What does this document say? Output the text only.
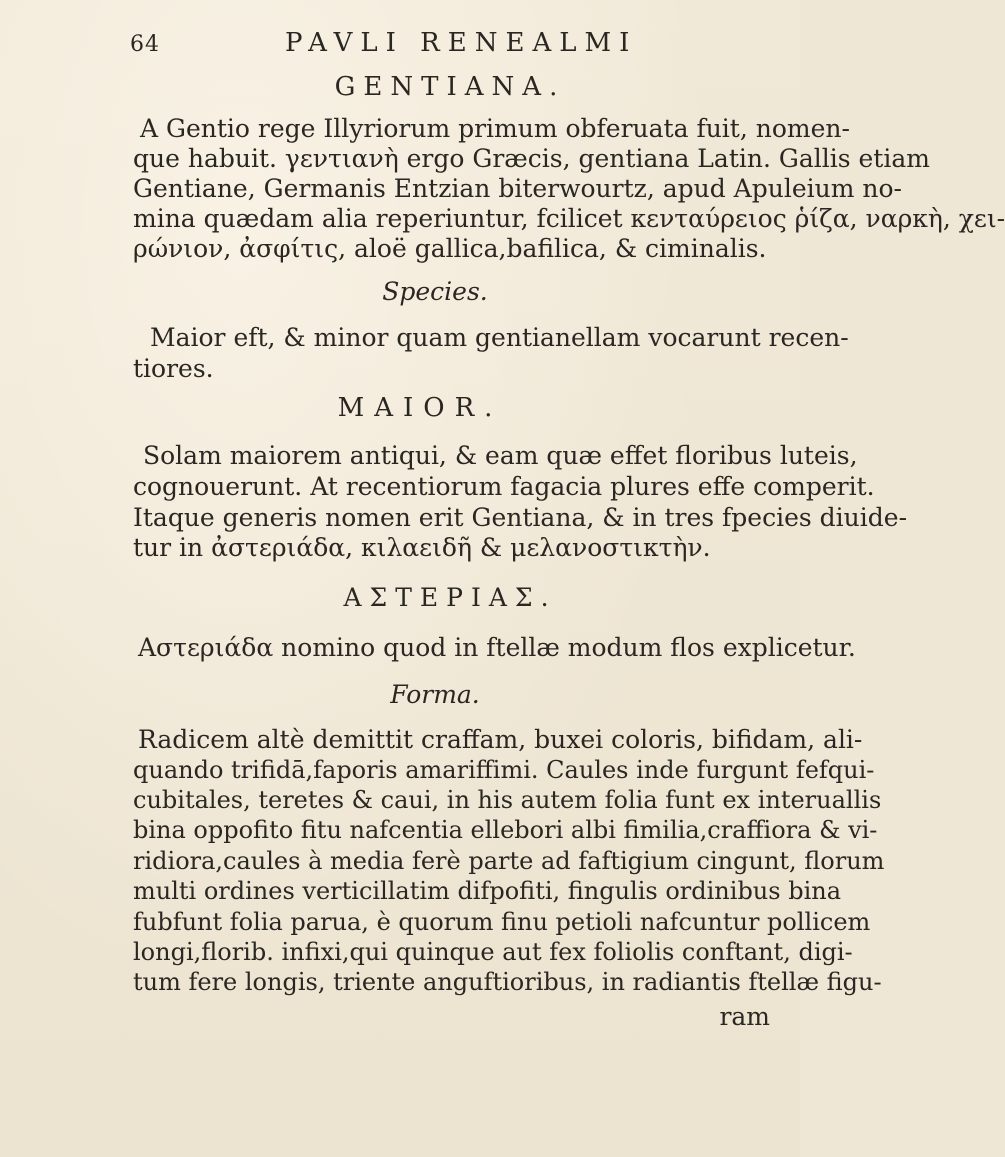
64	PAVLI RENEALMI
GENTIANA.
A Gentio rege Illyriorum primum obferuata fuit, nomen-
que habuit. γεντιανὴ ergo Græcis, gentiana Latin. Gallis etiam
Gentiane, Germanis Entzian biterwourtz, apud Apuleium no-
mina quædam alia reperiuntur, fcilicet κενταύρειος ῥίζα, ναρκὴ, χει-
ρώνιον, ἀσφίτις, aloë gallica,bafilica, & ciminalis.
Species.
Maior eft, & minor quam gentianellam vocarunt recen-
tiores.
MAIOR.
Solam maiorem antiqui, & eam quæ effet floribus luteis,
cognouerunt. At recentiorum fagacia plures effe comperit.
Itaque generis nomen erit Gentiana, & in tres fpecies diuide-
tur in ἀστεριάδα, κιλαειδῆ & μελανοστικτὴν.
ΑΣΤΕΡΙΑΣ.
Αστεριάδα nomino quod in ftellæ modum flos explicetur.
Forma.
Radicem altè demittit craffam, buxei coloris, bifidam, ali-
quando trifidā,faporis amariffimi. Caules inde furgunt fefqui-
cubitales, teretes & caui, in his autem folia funt ex interuallis
bina oppofito fitu nafcentia ellebori albi fimilia,craffiora & vi-
ridiora,caules à media ferè parte ad faftigium cingunt, florum
multi ordines verticillatim difpofiti, fingulis ordinibus bina
fubfunt folia parua, è quorum finu petioli nafcuntur pollicem
longi,florib. infixi,qui quinque aut fex foliolis conftant, digi-
tum fere longis, triente anguftioribus, in radiantis ftellæ figu-
ram
